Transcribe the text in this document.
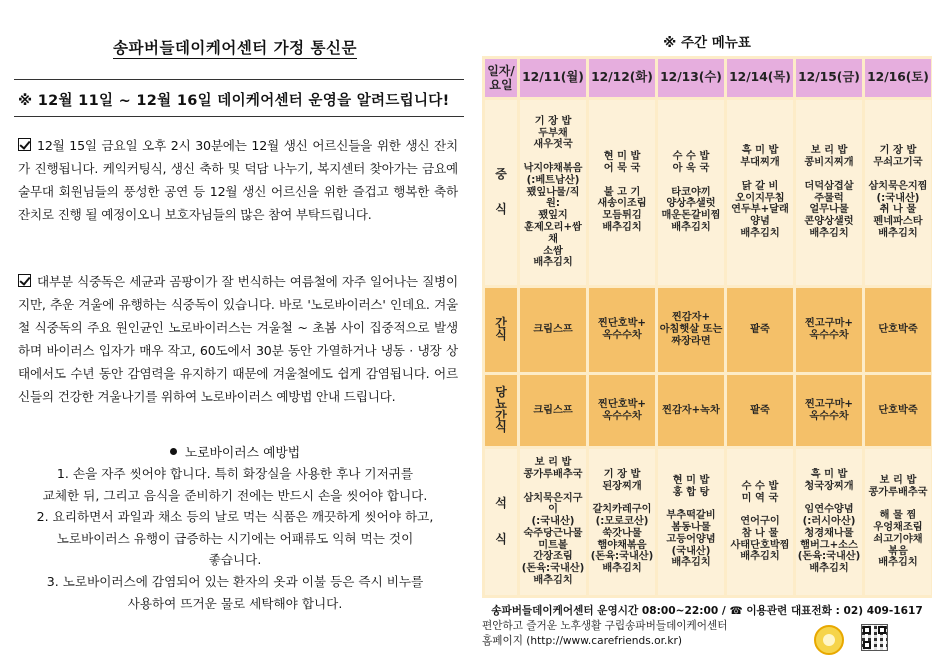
송파버들데이케어센터 가정 통신문
※ 12월 11일 ~ 12월 16일 데이케어센터 운영을 알려드립니다!
12월 15일 금요일 오후 2시 30분에는 12월 생신 어르신들을 위한 생신 잔치가 진행됩니다. 케익커팅식, 생신 축하 및 덕담 나누기, 복지센터 찾아가는 금요예술무대 회원님들의 풍성한 공연 등 12월 생신 어르신을 위한 즐겁고 행복한 축하 잔치로 진행 될 예정이오니 보호자님들의 많은 참여 부탁드립니다.
대부분 식중독은 세균과 곰팡이가 잘 번식하는 여름철에 자주 일어나는 질병이지만, 추운 겨울에 유행하는 식중독이 있습니다. 바로 '노로바이러스' 인데요. 겨울철 식중독의 주요 원인균인 노로바이러스는 겨울철 ~ 초봄 사이 집중적으로 발생하며 바이러스 입자가 매우 작고, 60도에서 30분 동안 가열하거나 냉동 · 냉장 상태에서도 수년 동안 감염력을 유지하기 때문에 겨울철에도 쉽게 감염됩니다. 어르신들의 건강한 겨울나기를 위하여 노로바이러스 예방법 안내 드립니다.
노로바이러스 예방법
1. 손을 자주 씻어야 합니다. 특히 화장실을 사용한 후나 기저귀를
교체한 뒤, 그리고 음식을 준비하기 전에는 반드시 손을 씻어야 합니다.
2. 요리하면서 과일과 채소 등의 날로 먹는 식품은 깨끗하게 씻어야 하고,
노로바이러스 유행이 급증하는 시기에는 어패류도 익혀 먹는 것이
좋습니다.
3. 노로바이러스에 감염되어 있는 환자의 옷과 이불 등은 즉시 비누를
사용하여 뜨거운 물로 세탁해야 합니다.
※ 주간 메뉴표
일자/
요일
12/11(월) 12/12(화) 12/13(수) 12/14(목) 12/15(금) 12/16(토)
중

식
기 장 밥
두부채
새우젓국

낙지야채볶음
(:베트남산)
꽸잎나물/직원:
꽸잎지
훈제오리+쌈채
소쌈
배추김치
현 미 밥
어 묵 국

불 고 기
새송이조림
모듬튀김
배추김치
수 수 밥
아 욱 국

타코야끼
양상추샐럿
매운돈갈비찜
배추김치
흑 미 밥
부대찌개

닭 갈 비
오이지무침
연두부+달래
양념
배추김치
보 리 밥
콩비지찌개

더덕삼겹살
주물럭
얼무나물
콘양상샐럿
배추김치
기 장 밥
무쇠고기국

삼치묵은지찜
(:국내산)
취 나 물
펜네파스타
배추김치
간
식	크림스프
찐단호박+
옥수수차
찐감자+
아침햇살 또는
짜장라면
팥죽
찐고구마+
옥수수차
단호박죽
당
뇨
간
식
크림스프
찐단호박+
옥수수차
찐감자+녹차	팥죽
찐고구마+
옥수수차
단호박죽
석

식
보 리 밥
콩가루배추국

삼치묵은지구이
(:국내산)
숙주당근나물
미트볼
간장조림
(돈육:국내산)
배추김치
기 장 밥
된장찌개

갈치카레구이
(:모로코산)
쑥갓나물
햄야채볶음
(돈육:국내산)
배추김치
현 미 밥
홍 합 탕

부추떡갈비
봄동나물
고등어양념
(국내산)
배추김치
수 수 밥
미 역 국

연어구이
참 나 물
사태단호박찜
배추김치
흑 미 밥
청국장찌개

임연수양념
(:러시아산)
청경채나물
햄버그+소스
(돈육:국내산)
배추김치
보 리 밥
콩가루배추국

해 물 찜
우엉채조림
쇠고기야채
볶음
배추김치
송파버들데이케어센터 운영시간 08:00~22:00 / ☎ 이용관련 대표전화 : 02) 409-1617
편안하고 즐거운 노후생활 구립송파버들데이케어센터
홈페이지 (http://www.carefriends.or.kr)
